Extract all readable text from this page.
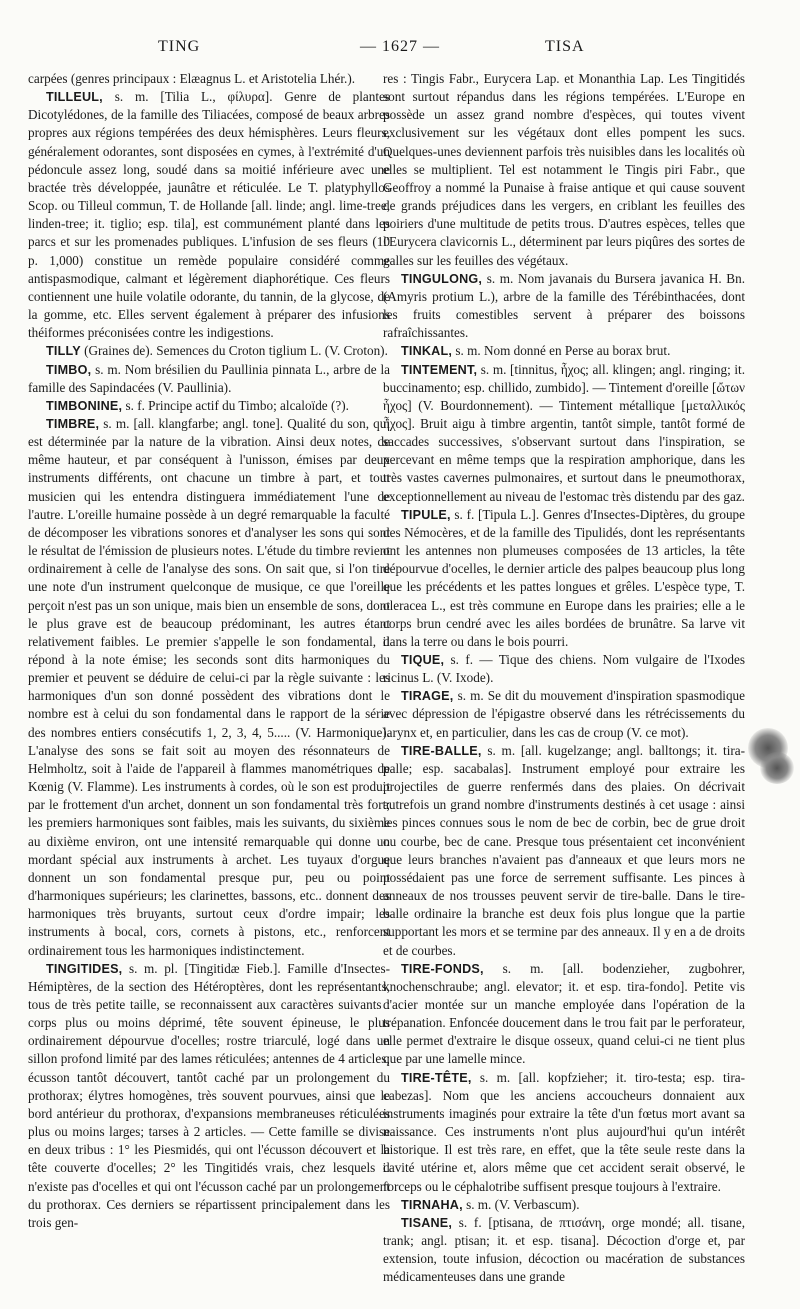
TING	— 1627 —	TISA

carpées (genres principaux : Elæagnus L. et Aristotelia Lhér.).

TILLEUL, s. m. [Tilia L., φίλυρα]. Genre de plantes Dicotylédones, de la famille des Tiliacées, composé de beaux arbres propres aux régions tempérées des deux hémisphères. Leurs fleurs, généralement odorantes, sont disposées en cymes, à l'extrémité d'un pédoncule assez long, soudé dans sa moitié inférieure avec une bractée très développée, jaunâtre et réticulée. Le T. platyphyllos Scop. ou Tilleul commun, T. de Hollande [all. linde; angl. lime-tree, linden-tree; it. tiglio; esp. tila], est communément planté dans les parcs et sur les promenades publiques. L'infusion de ses fleurs (10 p. 1,000) constitue un remède populaire considéré comme antispasmodique, calmant et légèrement diaphorétique. Ces fleurs contiennent une huile volatile odorante, du tannin, de la glycose, de la gomme, etc. Elles servent également à préparer des infusions théiformes préconisées contre les indigestions.

TILLY (Graines de). Semences du Croton tiglium L. (V. Croton).

TIMBO, s. m. Nom brésilien du Paullinia pinnata L., arbre de la famille des Sapindacées (V. Paullinia).

TIMBONINE, s. f. Principe actif du Timbo; alcaloïde (?).

TIMBRE, s. m. [all. klangfarbe; angl. tone]. Qualité du son, qui est déterminée par la nature de la vibration. Ainsi deux notes, de même hauteur, et par conséquent à l'unisson, émises par deux instruments différents, ont chacune un timbre à part, et tout musicien qui les entendra distinguera immédiatement l'une de l'autre. L'oreille humaine possède à un degré remarquable la faculté de décomposer les vibrations sonores et d'analyser les sons qui sont le résultat de l'émission de plusieurs notes. L'étude du timbre revient ordinairement à celle de l'analyse des sons. On sait que, si l'on tire une note d'un instrument quelconque de musique, ce que l'oreille perçoit n'est pas un son unique, mais bien un ensemble de sons, dont le plus grave est de beaucoup prédominant, les autres étant relativement faibles. Le premier s'appelle le son fondamental, il répond à la note émise; les seconds sont dits harmoniques du premier et peuvent se déduire de celui-ci par la règle suivante : les harmoniques d'un son donné possèdent des vibrations dont le nombre est à celui du son fondamental dans le rapport de la série des nombres entiers consécutifs 1, 2, 3, 4, 5..... (V. Harmonique). L'analyse des sons se fait soit au moyen des résonnateurs de Helmholtz, soit à l'aide de l'appareil à flammes manométriques de Kœnig (V. Flamme). Les instruments à cordes, où le son est produit par le frottement d'un archet, donnent un son fondamental très fort; les premiers harmoniques sont faibles, mais les suivants, du sixième au dixième environ, ont une intensité remarquable qui donne un mordant spécial aux instruments à archet. Les tuyaux d'orgue donnent un son fondamental presque pur, peu ou point d'harmoniques supérieurs; les clarinettes, bassons, etc.. donnent des harmoniques très bruyants, surtout ceux d'ordre impair; les instruments à bocal, cors, cornets à pistons, etc., renforcent ordinairement tous les harmoniques indistinctement.

TINGITIDES, s. m. pl. [Tingitidæ Fieb.]. Famille d'Insectes-Hémiptères, de la section des Hétéroptères, dont les représentants, tous de très petite taille, se reconnaissent aux caractères suivants : corps plus ou moins déprimé, tête souvent épineuse, le plus ordinairement dépourvue d'ocelles; rostre triarculé, logé dans un sillon profond limité par des lames réticulées; antennes de 4 articles; écusson tantôt découvert, tantôt caché par un prolongement du prothorax; élytres homogènes, très souvent pourvues, ainsi que le bord antérieur du prothorax, d'expansions membraneuses réticulées plus ou moins larges; tarses à 2 articles. — Cette famille se divise en deux tribus : 1° les Piesmidés, qui ont l'écusson découvert et la tête couverte d'ocelles; 2° les Tingitidés vrais, chez lesquels il n'existe pas d'ocelles et qui ont l'écusson caché par un prolongement du prothorax. Ces derniers se répartissent principalement dans les trois gen-

res : Tingis Fabr., Eurycera Lap. et Monanthia Lap. Les Tingitidés sont surtout répandus dans les régions tempérées. L'Europe en possède un assez grand nombre d'espèces, qui toutes vivent exclusivement sur les végétaux dont elles pompent les sucs. Quelques-unes deviennent parfois très nuisibles dans les localités où elles se multiplient. Tel est notamment le Tingis piri Fabr., que Geoffroy a nommé la Punaise à fraise antique et qui cause souvent de grands préjudices dans les vergers, en criblant les feuilles des poiriers d'une multitude de petits trous. D'autres espèces, telles que l'Eurycera clavicornis L., déterminent par leurs piqûres des sortes de galles sur les feuilles des végétaux.

TINGULONG, s. m. Nom javanais du Bursera javanica H. Bn. (Amyris protium L.), arbre de la famille des Térébinthacées, dont les fruits comestibles servent à préparer des boissons rafraîchissantes.

TINKAL, s. m. Nom donné en Perse au borax brut.

TINTEMENT, s. m. [tinnitus, ἦχος; all. klingen; angl. ringing; it. buccinamento; esp. chillido, zumbido]. — Tintement d'oreille [ὤτων ἦχος] (V. Bourdonnement). — Tintement métallique [μεταλλικός ἦχος]. Bruit aigu à timbre argentin, tantôt simple, tantôt formé de saccades successives, s'observant surtout dans l'inspiration, se percevant en même temps que la respiration amphorique, dans les très vastes cavernes pulmonaires, et surtout dans le pneumothorax, exceptionnellement au niveau de l'estomac très distendu par des gaz.

TIPULE, s. f. [Tipula L.]. Genres d'Insectes-Diptères, du groupe des Némocères, et de la famille des Tipulidés, dont les représentants ont les antennes non plumeuses composées de 13 articles, la tête dépourvue d'ocelles, le dernier article des palpes beaucoup plus long que les précédents et les pattes longues et grêles. L'espèce type, T. oleracea L., est très commune en Europe dans les prairies; elle a le corps brun cendré avec les ailes bordées de brunâtre. Sa larve vit dans la terre ou dans le bois pourri.

TIQUE, s. f. — Tique des chiens. Nom vulgaire de l'Ixodes ricinus L. (V. Ixode).

TIRAGE, s. m. Se dit du mouvement d'inspiration spasmodique avec dépression de l'épigastre observé dans les rétrécissements du larynx et, en particulier, dans les cas de croup (V. ce mot).

TIRE-BALLE, s. m. [all. kugelzange; angl. balltongs; it. tira-palle; esp. sacabalas]. Instrument employé pour extraire les projectiles de guerre renfermés dans des plaies. On décrivait autrefois un grand nombre d'instruments destinés à cet usage : ainsi les pinces connues sous le nom de bec de corbin, bec de grue droit ou courbe, bec de cane. Presque tous présentaient cet inconvénient que leurs branches n'avaient pas d'anneaux et que leurs mors ne possédaient pas une force de serrement suffisante. Les pinces à anneaux de nos trousses peuvent servir de tire-balle. Dans le tire-balle ordinaire la branche est deux fois plus longue que la partie supportant les mors et se termine par des anneaux. Il y en a de droits et de courbes.

TIRE-FONDS, s. m. [all. bodenzieher, zugbohrer, knochenschraube; angl. elevator; it. et esp. tira-fondo]. Petite vis d'acier montée sur un manche employée dans l'opération de la trépanation. Enfoncée doucement dans le trou fait par le perforateur, elle permet d'extraire le disque osseux, quand celui-ci ne tient plus que par une lamelle mince.

TIRE-TÊTE, s. m. [all. kopfzieher; it. tiro-testa; esp. tira-cabezas]. Nom que les anciens accoucheurs donnaient aux instruments imaginés pour extraire la tête d'un fœtus mort avant sa naissance. Ces instruments n'ont plus aujourd'hui qu'un intérêt historique. Il est très rare, en effet, que la tête seule reste dans la cavité utérine et, alors même que cet accident serait observé, le forceps ou le céphalotribe suffisent presque toujours à l'extraire.

TIRNAHA, s. m. (V. Verbascum).

TISANE, s. f. [ptisana, de πτισάνη, orge mondé; all. tisane, trank; angl. ptisan; it. et esp. tisana]. Décoction d'orge et, par extension, toute infusion, décoction ou macération de substances médicamenteuses dans une grande
